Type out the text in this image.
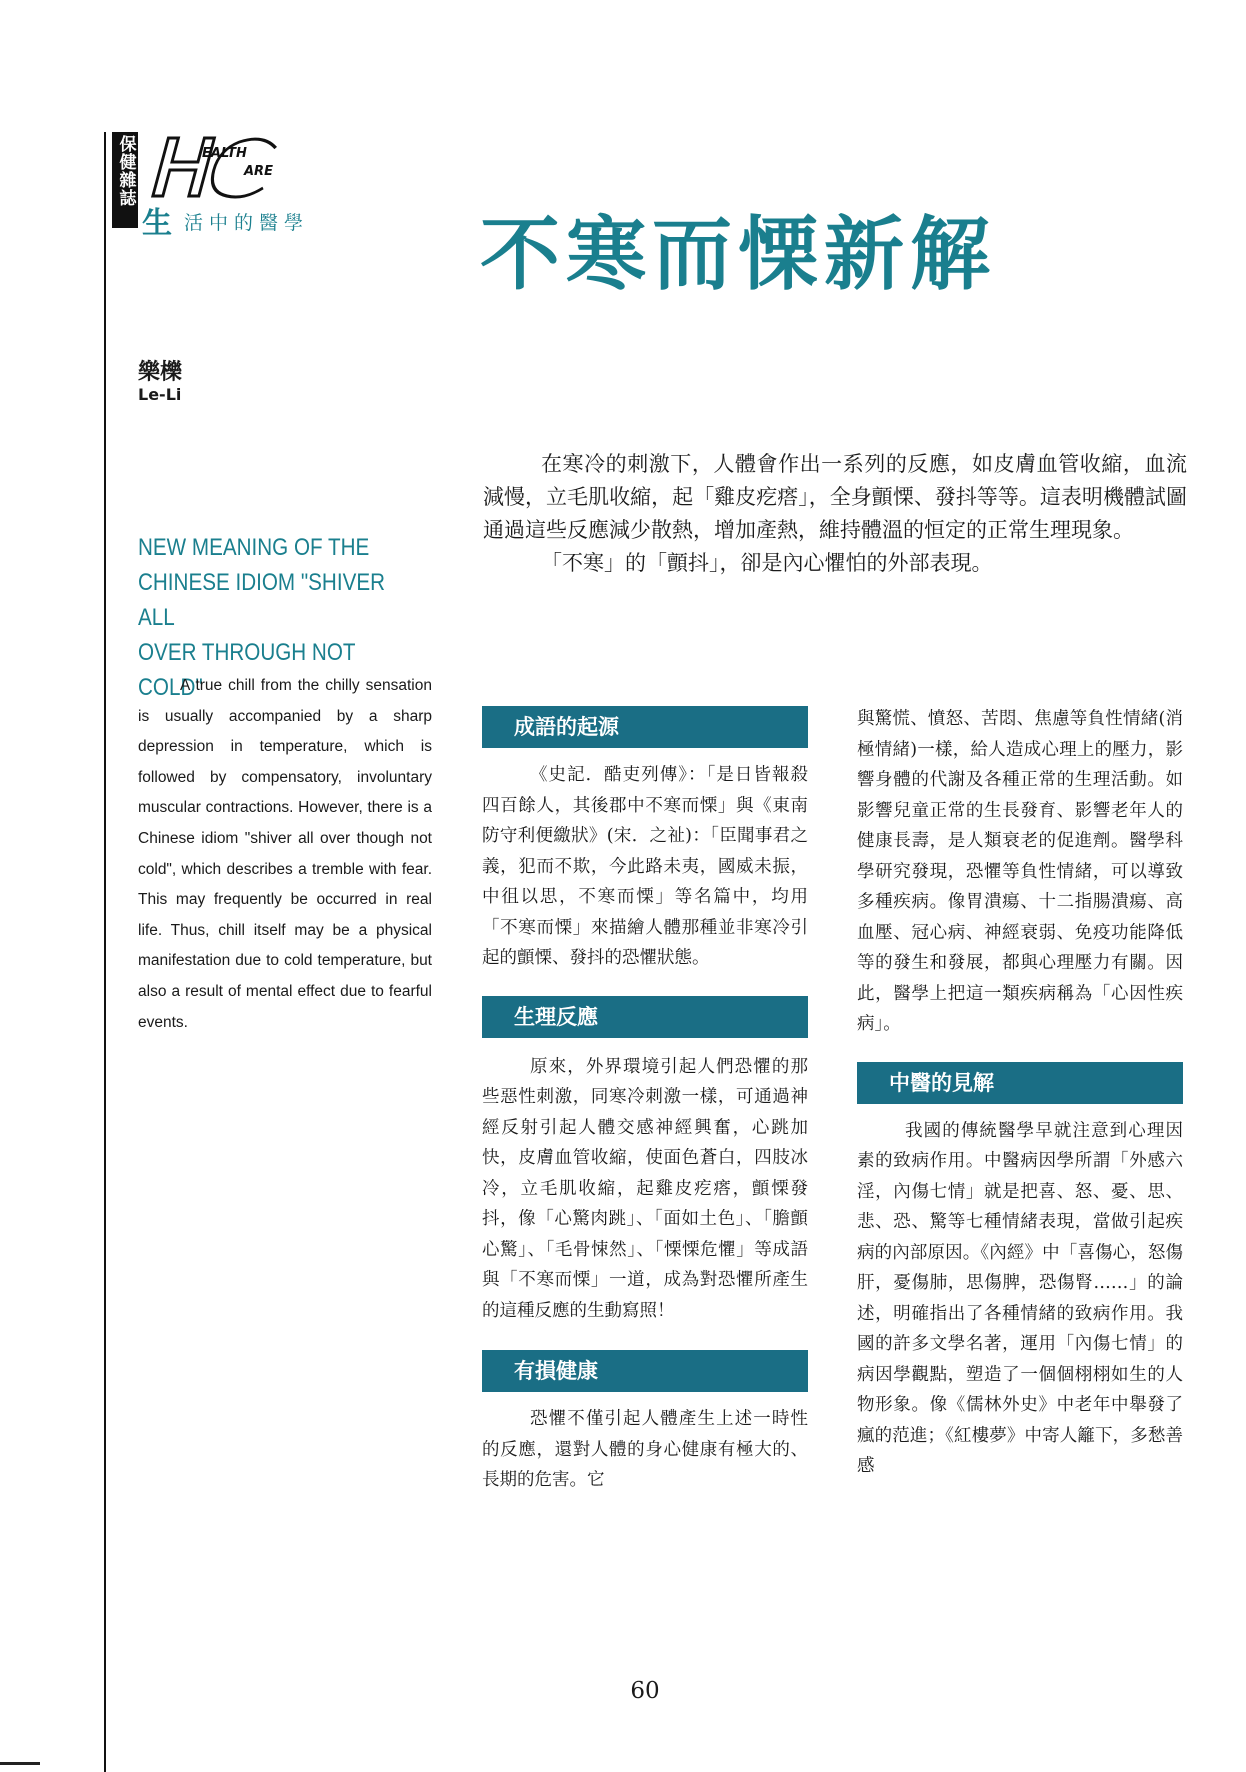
保健雜誌	EALTH
ARE
生 活中的醫學 不寒而慄新解
樂櫟
Le-Li
NEW MEANING OF THE
CHINESE IDIOM "SHIVER ALL
OVER THROUGH NOT COLD"
A true chill from the chilly sensation is usually accompanied by a sharp depression in temperature, which is followed by compensatory, involuntary muscular contractions. However, there is a Chinese idiom "shiver all over though not cold", which describes a tremble with fear. This may frequently be occurred in real life. Thus, chill itself may be a physical manifestation due to cold temperature, but also a result of mental effect due to fearful events.

在寒冷的刺激下，人體會作出一系列的反應，如皮膚血管收縮，血流減慢，立毛肌收縮，起「雞皮疙瘩」，全身顫慄、發抖等等。這表明機體試圖通過這些反應減少散熱，增加產熱，維持體溫的恒定的正常生理現象。

「不寒」的「顫抖」，卻是內心懼怕的外部表現。

成語的起源

《史記．酷吏列傳》：「是日皆報殺四百餘人，其後郡中不寒而慄」與《東南防守利便繳狀》(宋．之祉)：「臣聞事君之義，犯而不欺，今此路未夷，國威未振，中徂以思，不寒而慄」等名篇中，均用「不寒而慄」來描繪人體那種並非寒冷引起的顫慄、發抖的恐懼狀態。

生理反應

原來，外界環境引起人們恐懼的那些惡性刺激，同寒冷刺激一樣，可通過神經反射引起人體交感神經興奮，心跳加快，皮膚血管收縮，使面色蒼白，四肢冰冷，立毛肌收縮，起雞皮疙瘩，顫慄發抖，像「心驚肉跳」、「面如土色」、「膽顫心驚」、「毛骨悚然」、「慄慄危懼」等成語與「不寒而慄」一道，成為對恐懼所產生的這種反應的生動寫照！

有損健康

恐懼不僅引起人體產生上述一時性的反應，還對人體的身心健康有極大的、長期的危害。它

與驚慌、憤怒、苦悶、焦慮等負性情緒(消極情緒)一樣，給人造成心理上的壓力，影響身體的代謝及各種正常的生理活動。如影響兒童正常的生長發育、影響老年人的健康長壽，是人類衰老的促進劑。醫學科學研究發現，恐懼等負性情緒，可以導致多種疾病。像胃潰瘍、十二指腸潰瘍、高血壓、冠心病、神經衰弱、免疫功能降低等的發生和發展，都與心理壓力有關。因此，醫學上把這一類疾病稱為「心因性疾病」。

中醫的見解

我國的傳統醫學早就注意到心理因素的致病作用。中醫病因學所謂「外感六淫，內傷七情」就是把喜、怒、憂、思、悲、恐、驚等七種情緒表現，當做引起疾病的內部原因。《內經》中「喜傷心，怒傷肝，憂傷肺，思傷脾，恐傷腎……」的論述，明確指出了各種情緒的致病作用。我國的許多文學名著，運用「內傷七情」的病因學觀點，塑造了一個個栩栩如生的人物形象。像《儒林外史》中老年中舉發了瘋的范進；《紅樓夢》中寄人籬下，多愁善感

60
